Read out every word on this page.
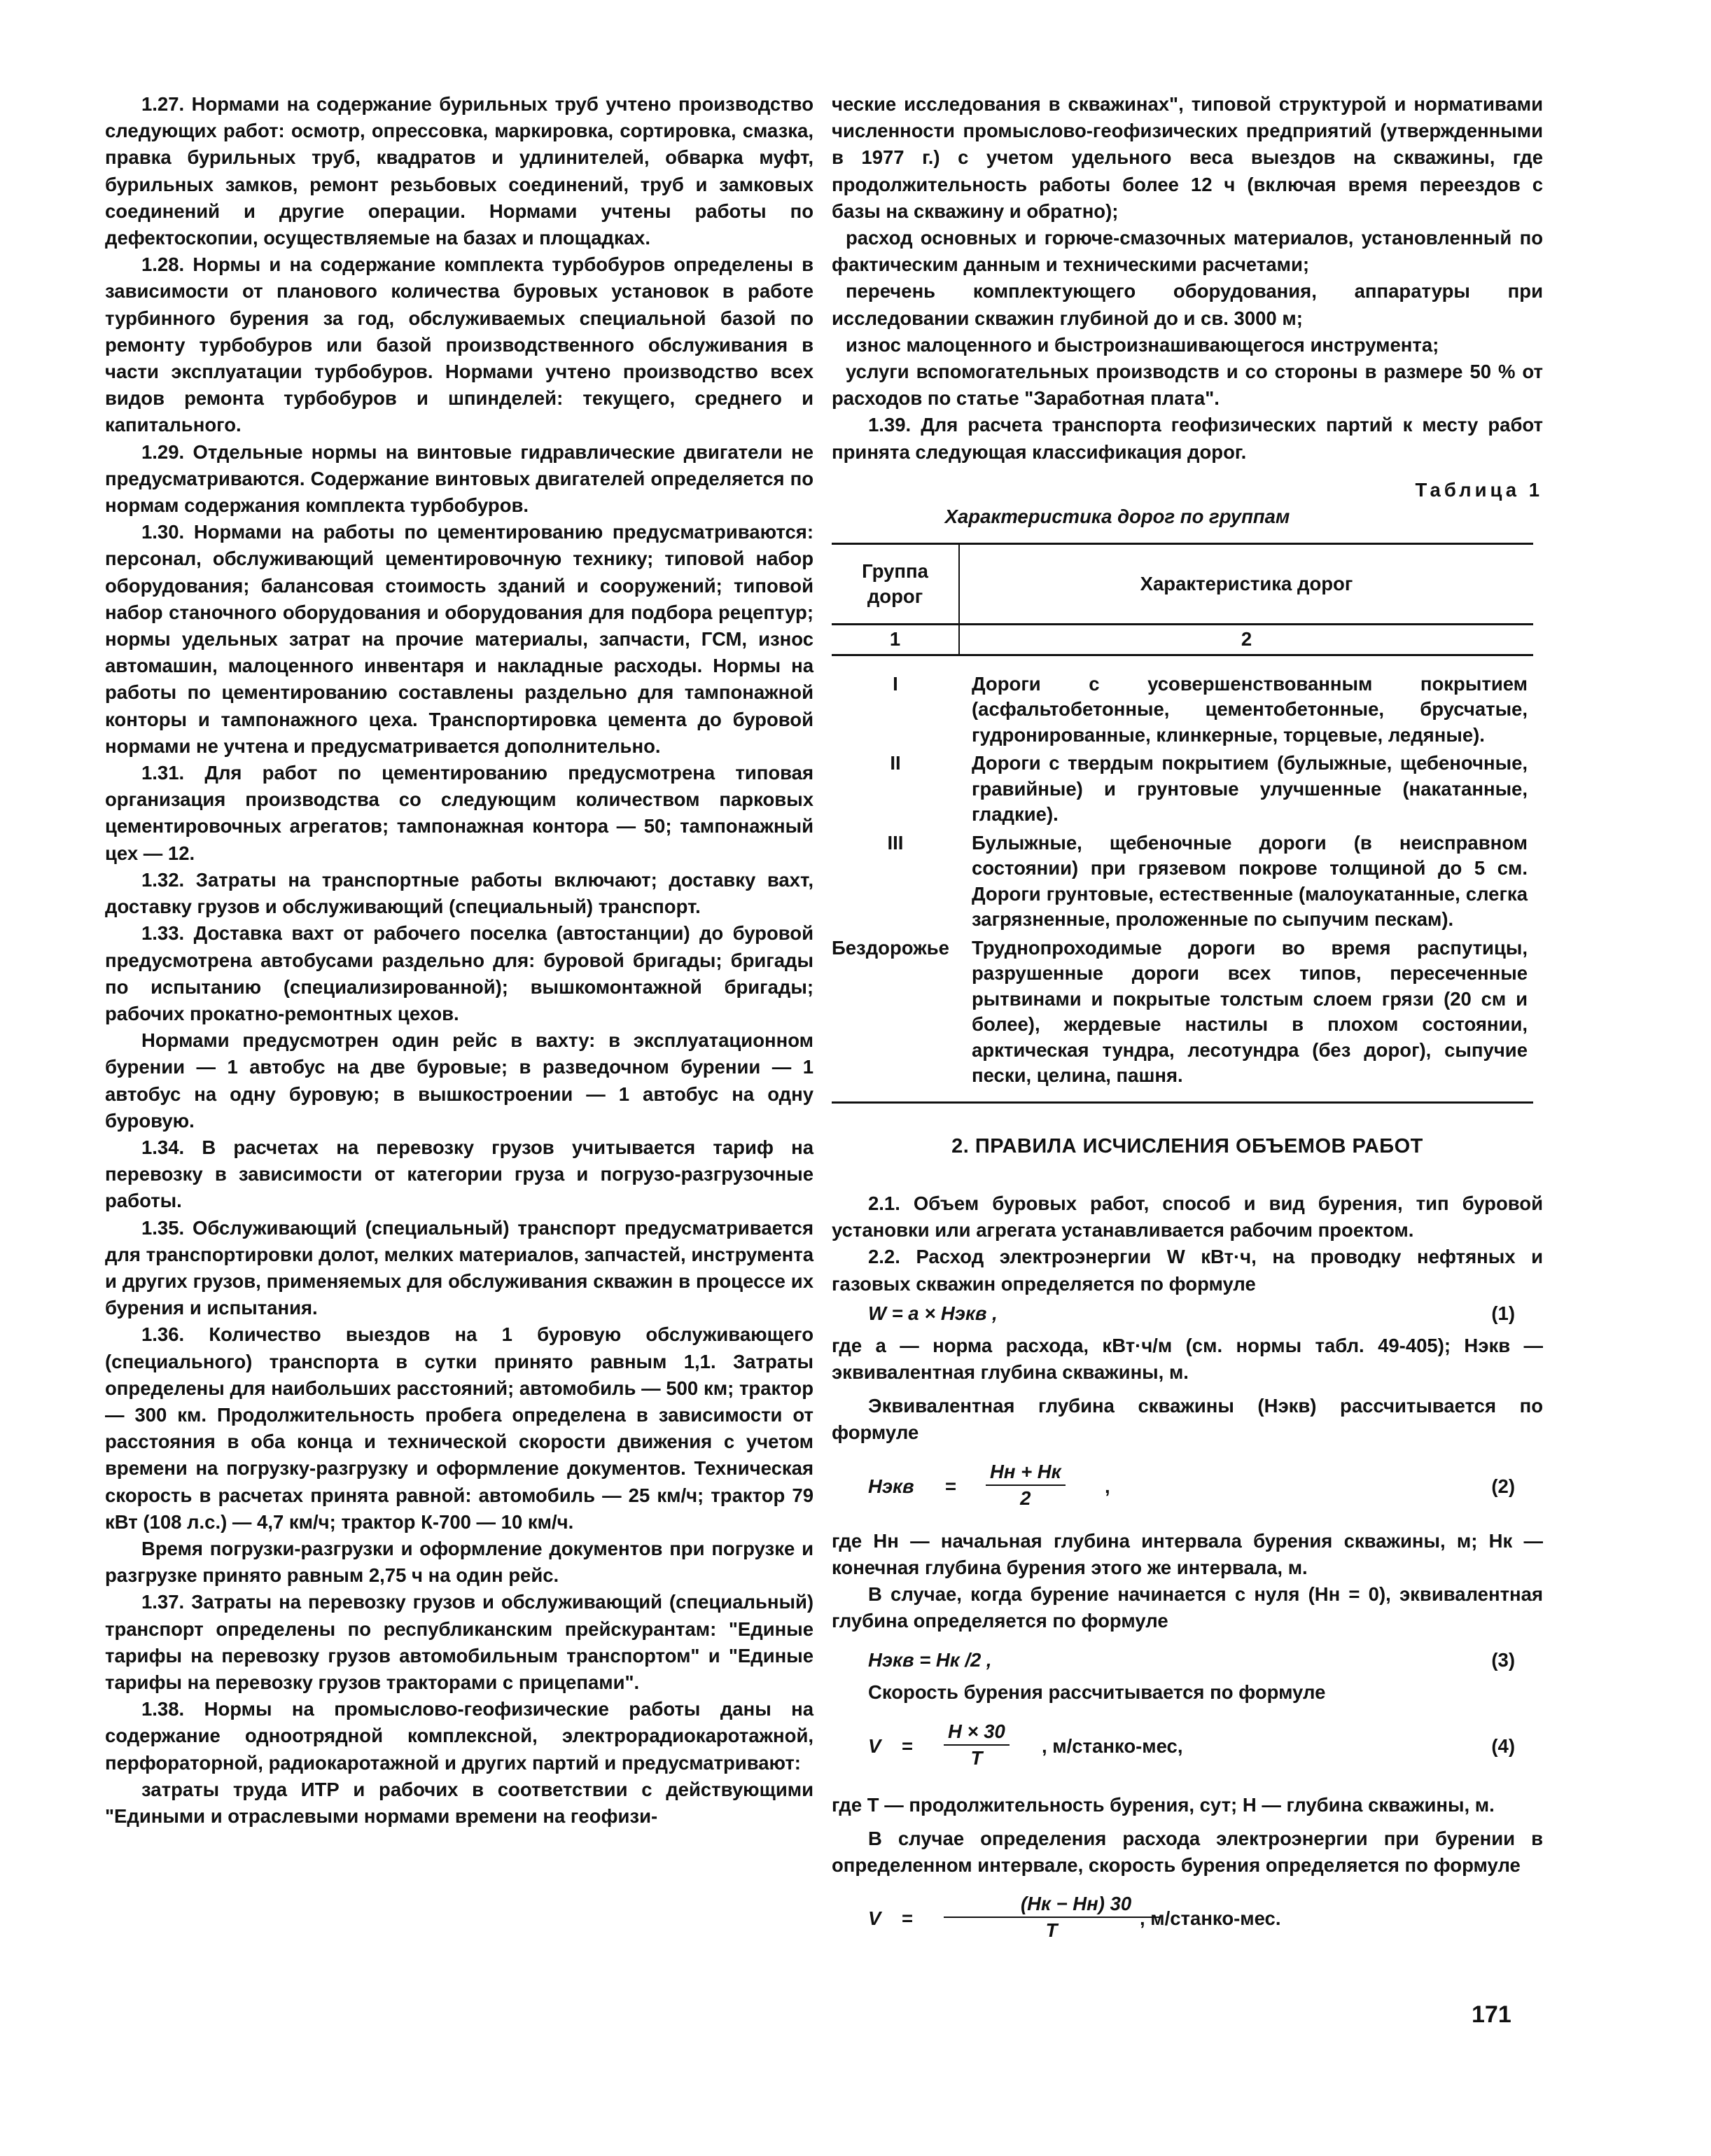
1.27. Нормами на содержание бурильных труб учтено производство следующих работ: осмотр, опрессовка, маркировка, сортировка, смазка, правка бурильных труб, квадратов и удлинителей, обварка муфт, бурильных замков, ремонт резьбовых соединений, труб и замковых соединений и другие операции. Нормами учтены работы по дефектоскопии, осуществляемые на базах и площадках.

1.28. Нормы и на содержание комплекта турбобуров определены в зависимости от планового количества буровых установок в работе турбинного бурения за год, обслуживаемых специальной базой по ремонту турбобуров или базой производственного обслуживания в части эксплуатации турбобуров. Нормами учтено производство всех видов ремонта турбобуров и шпинделей: текущего, среднего и капитального.

1.29. Отдельные нормы на винтовые гидравлические двигатели не предусматриваются. Содержание винтовых двигателей определяется по нормам содержания комплекта турбобуров.

1.30. Нормами на работы по цементированию предусматриваются: персонал, обслуживающий цементировочную технику; типовой набор оборудования; балансовая стоимость зданий и сооружений; типовой набор станочного оборудования и оборудования для подбора рецептур; нормы удельных затрат на прочие материалы, запчасти, ГСМ, износ автомашин, малоценного инвентаря и накладные расходы. Нормы на работы по цементированию составлены раздельно для тампонажной конторы и тампонажного цеха. Транспортировка цемента до буровой нормами не учтена и предусматривается дополнительно.

1.31. Для работ по цементированию предусмотрена типовая организация производства со следующим количеством парковых цементировочных агрегатов; тампонажная контора — 50; тампонажный цех — 12.

1.32. Затраты на транспортные работы включают; доставку вахт, доставку грузов и обслуживающий (специальный) транспорт.

1.33. Доставка вахт от рабочего поселка (автостанции) до буровой предусмотрена автобусами раздельно для: буровой бригады; бригады по испытанию (специализированной); вышкомонтажной бригады; рабочих прокатно-ремонтных цехов.

Нормами предусмотрен один рейс в вахту: в эксплуатационном бурении — 1 автобус на две буровые; в разведочном бурении — 1 автобус на одну буровую; в вышкостроении — 1 автобус на одну буровую.

1.34. В расчетах на перевозку грузов учитывается тариф на перевозку в зависимости от категории груза и погрузо-разгрузочные работы.

1.35. Обслуживающий (специальный) транспорт предусматривается для транспортировки долот, мелких материалов, запчастей, инструмента и других грузов, применяемых для обслуживания скважин в процессе их бурения и испытания.

1.36. Количество выездов на 1 буровую обслуживающего (специального) транспорта в сутки принято равным 1,1. Затраты определены для наибольших расстояний; автомобиль — 500 км; трактор — 300 км. Продолжительность пробега определена в зависимости от расстояния в оба конца и технической скорости движения с учетом времени на погрузку-разгрузку и оформление документов. Техническая скорость в расчетах принята равной: автомобиль — 25 км/ч; трактор 79 кВт (108 л.с.) — 4,7 км/ч; трактор К-700 — 10 км/ч.

Время погрузки-разгрузки и оформление документов при погрузке и разгрузке принято равным 2,75 ч на один рейс.

1.37. Затраты на перевозку грузов и обслуживающий (специальный) транспорт определены по республиканским прейскурантам: "Единые тарифы на перевозку грузов автомобильным транспортом" и "Единые тарифы на перевозку грузов тракторами с прицепами".

1.38. Нормы на промыслово-геофизические работы даны на содержание одноотрядной комплексной, электрорадиокаротажной, перфораторной, радиокаротажной и других партий и предусматривают:

затраты труда ИТР и рабочих в соответствии с действующими "Едиными и отраслевыми нормами времени на геофизи-

ческие исследования в скважинах", типовой структурой и нормативами численности промыслово-геофизических предприятий (утвержденными в 1977 г.) с учетом удельного веса выездов на скважины, где продолжительность работы более 12 ч (включая время переездов с базы на скважину и обратно);

расход основных и горюче-смазочных материалов, установленный по фактическим данным и техническими расчетами;

перечень комплектующего оборудования, аппаратуры при исследовании скважин глубиной до и св. 3000 м;

износ малоценного и быстроизнашивающегося инструмента;

услуги вспомогательных производств и со стороны в размере 50 % от расходов по статье "Заработная плата".

1.39. Для расчета транспорта геофизических партий к месту работ принята следующая классификация дорог.

Таблица 1
Характеристика дорог по группам
Группа дорог	Характеристика дорог
1	2
I	Дороги с усовершенствованным покрытием (асфальтобетонные, цементобетонные, брусчатые, гудронированные, клинкерные, торцевые, ледяные).
II	Дороги с твердым покрытием (булыжные, щебеночные, гравийные) и грунтовые улучшенные (накатанные, гладкие).
III	Булыжные, щебеночные дороги (в неисправном состоянии) при грязевом покрове толщиной до 5 см. Дороги грунтовые, естественные (малоукатанные, слегка загрязненные, проложенные по сыпучим пескам).
Бездорожье	Труднопроходимые дороги во время распутицы, разрушенные дороги всех типов, пересеченные рытвинами и покрытые толстым слоем грязи (20 см и более), жердевые настилы в плохом состоянии, арктическая тундра, лесотундра (без дорог), сыпучие пески, целина, пашня.
2. ПРАВИЛА ИСЧИСЛЕНИЯ ОБЪЕМОВ РАБОТ

2.1. Объем буровых работ, способ и вид бурения, тип буровой установки или агрегата устанавливается рабочим проектом.

2.2. Расход электроэнергии W кВт·ч, на проводку нефтяных и газовых скважин определяется по формуле

W = a × Hэкв ,	(1)

где а — норма расхода, кВт·ч/м (см. нормы табл. 49-405); Нэкв — эквивалентная глубина скважины, м.

Эквивалентная глубина скважины (Нэкв) рассчитывается по формуле

Нэкв =
Нн + Нк
2
,	(2)

где Нн — начальная глубина интервала бурения скважины, м; Нк — конечная глубина бурения этого же интервала, м.

В случае, когда бурение начинается с нуля (Нн = 0), эквивалентная глубина определяется по формуле

Нэкв = Нк /2 ,	(3)

Скорость бурения рассчитывается по формуле

V =
Н × 30
Т
, м/станко-мес,	(4)

где Т — продолжительность бурения, сут; Н — глубина скважины, м.

В случае определения расхода электроэнергии при бурении в определенном интервале, скорость бурения определяется по формуле

V =
(Нк − Нн) 30
Т
, м/станко-мес.
171
